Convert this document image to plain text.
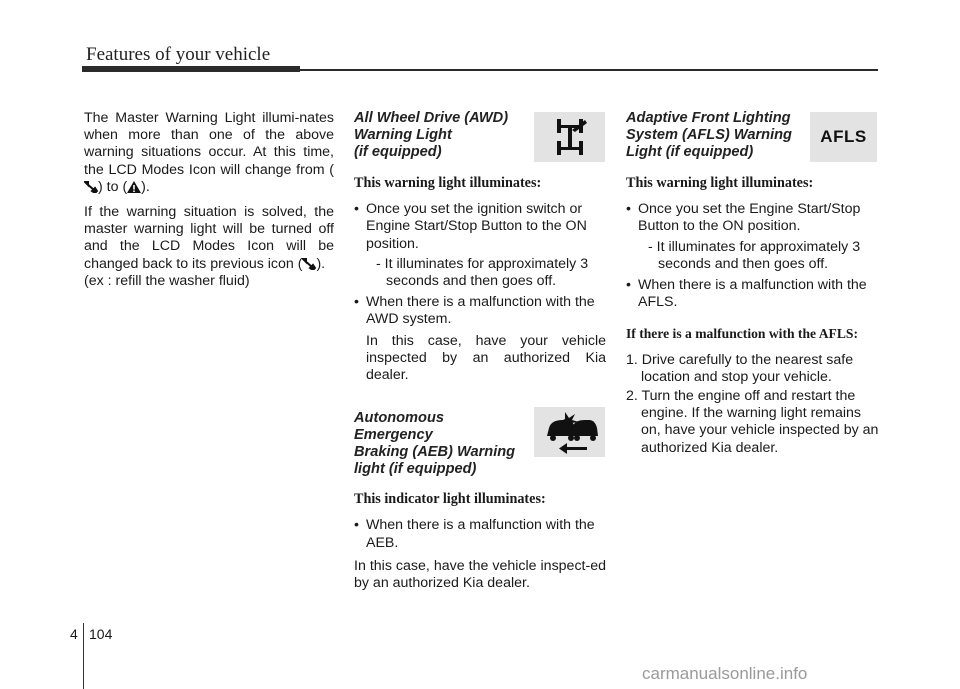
Features of your vehicle

The Master Warning Light illumi-nates when more than one of the above warning situations occur. At this time, the LCD Modes Icon will change from () to ( ).

If the warning situation is solved, the master warning light will be turned off and the LCD Modes Icon will be changed back to its previous icon ( ).
(ex : refill the washer fluid)

All Wheel Drive (AWD)
Warning Light
(if equipped)
This warning light illuminates:
• Once you set the ignition switch or Engine Start/Stop Button to the ON position.
- It illuminates for approximately 3 seconds and then goes off.
• When there is a malfunction with the AWD system.

In this case, have your vehicle inspected by an authorized Kia dealer.

Autonomous Emergency
Braking (AEB) Warning
light (if equipped)
This indicator light illuminates:
• When there is a malfunction with the AEB.

In this case, have the vehicle inspect-ed by an authorized Kia dealer.

Adaptive Front Lighting
System (AFLS) Warning
Light (if equipped)
This warning light illuminates:
• Once you set the Engine Start/Stop Button to the ON position.
- It illuminates for approximately 3 seconds and then goes off.
• When there is a malfunction with the AFLS.
If there is a malfunction with the AFLS:
1. Drive carefully to the nearest safe location and stop your vehicle.
2. Turn the engine off and restart the engine. If the warning light remains on, have your vehicle inspected by an authorized Kia dealer.
AFLS
4 104
carmanualsonline.info
